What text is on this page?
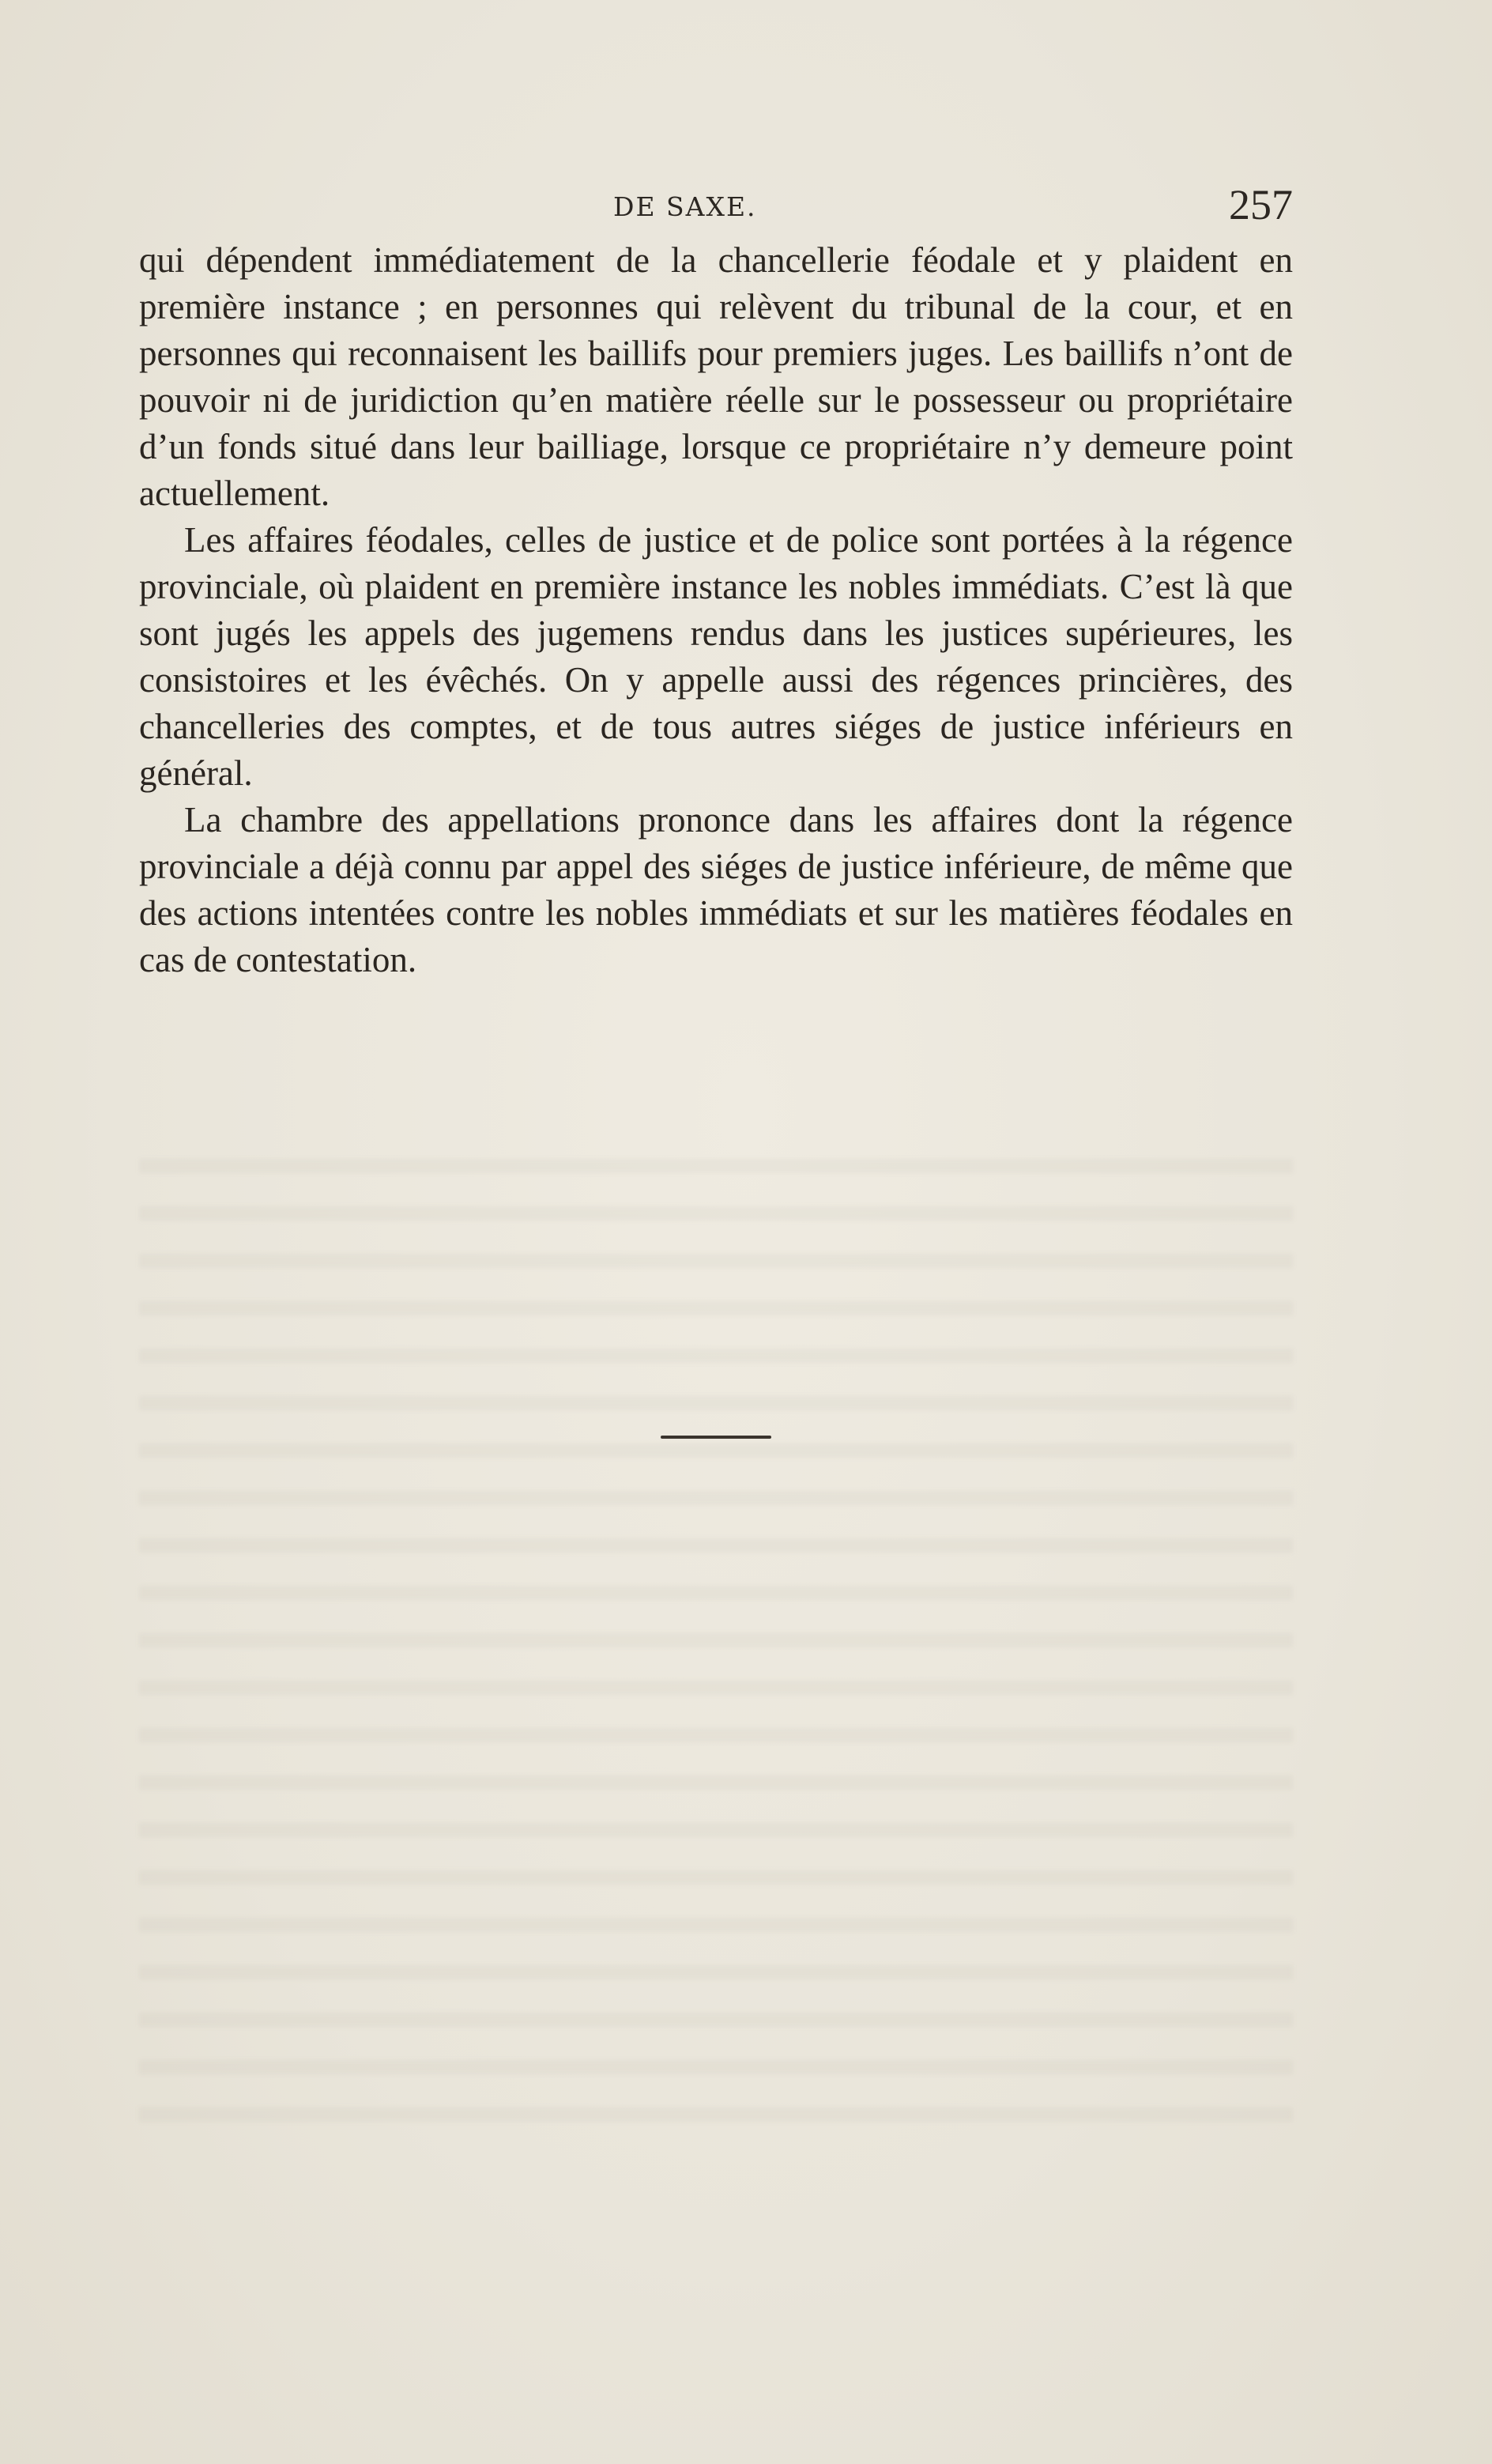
DE SAXE.	257

qui dépendent immédiatement de la chancellerie féodale et y plaident en première instance ; en personnes qui relèvent du tribunal de la cour, et en personnes qui reconnaisent les baillifs pour premiers juges. Les baillifs n’ont de pouvoir ni de juridiction qu’en matière réelle sur le possesseur ou propriétaire d’un fonds situé dans leur bailliage, lorsque ce propriétaire n’y demeure point actuellement.

Les affaires féodales, celles de justice et de police sont portées à la régence provinciale, où plaident en première instance les nobles immédiats. C’est là que sont jugés les appels des jugemens rendus dans les justices supérieures, les consistoires et les évêchés. On y appelle aussi des régences princières, des chancelleries des comptes, et de tous autres siéges de justice inférieurs en général.

La chambre des appellations prononce dans les affaires dont la régence provinciale a déjà connu par appel des siéges de justice inférieure, de même que des actions intentées contre les nobles immédiats et sur les matières féodales en cas de contestation.
